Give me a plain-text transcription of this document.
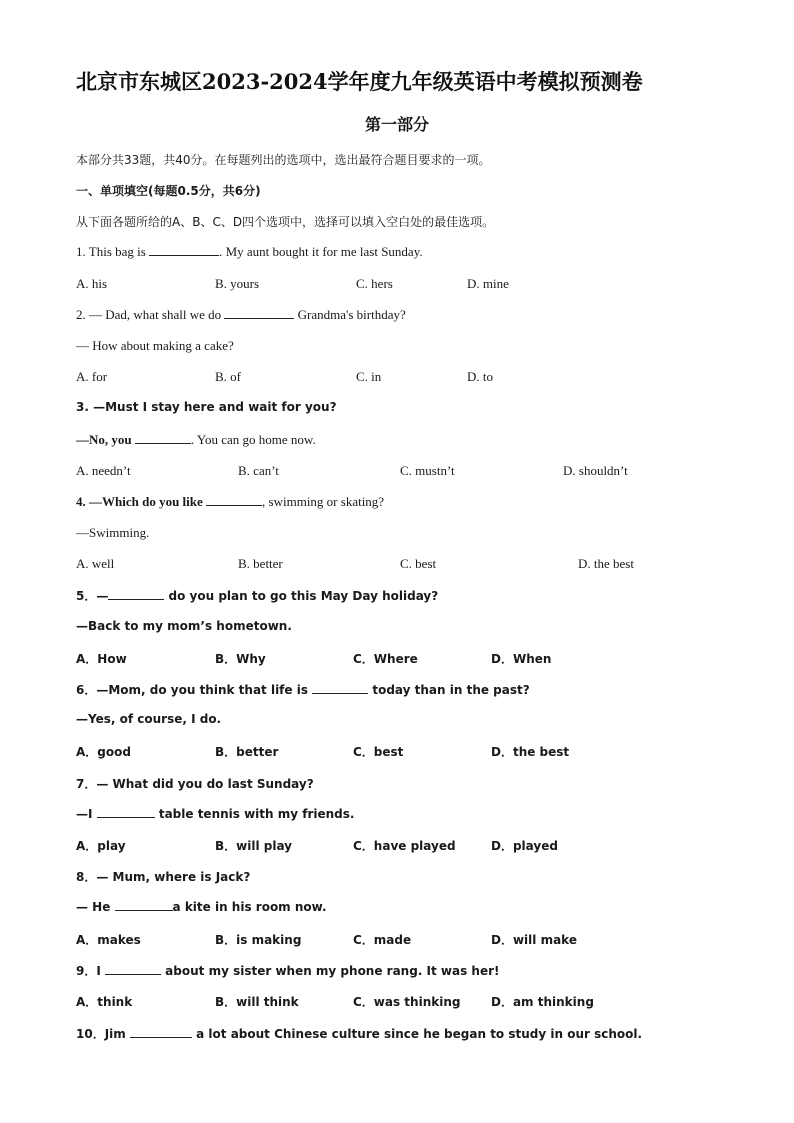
北京市东城区2023-2024学年度九年级英语中考模拟预测卷
第一部分
本部分共33题，共40分。在每题列出的选项中，选出最符合题目要求的一项。
一、单项填空(每题0.5分，共6分)
从下面各题所给的A、B、C、D四个选项中，选择可以填入空白处的最佳选项。
1. This bag is	. My aunt bought it for me last Sunday.
A. his	B. yours	C. hers	D. mine
2. — Dad, what shall we do	Grandma's birthday?
— How about making a cake?
A. for	B. of	C. in	D. to
3. —Must I stay here and wait for you?
—No, you	. You can go home now.
A. needn’t	B. can’t	C. mustn’t	D. shouldn’t
4. —Which do you like	, swimming or skating?
—Swimming.
A. well	B. better	C. best	D. the best
5．—	do you plan to go this May Day holiday?
—Back to my mom’s hometown.
A．How	B．Why	C．Where	D．When
6．—Mom, do you think that life is	today than in the past?
—Yes, of course, I do.
A．good	B．better	C．best	D．the best
7．— What did you do last Sunday?
—I	table tennis with my friends.
A．play	B．will play	C．have played	D．played
8．— Mum, where is Jack?
— He	a kite in his room now.
A．makes	B．is making	C．made	D．will make
9．I	about my sister when my phone rang. It was her!
A．think	B．will think	C．was thinking	D．am thinking
10．Jim	a lot about Chinese culture since he began to study in our school.
